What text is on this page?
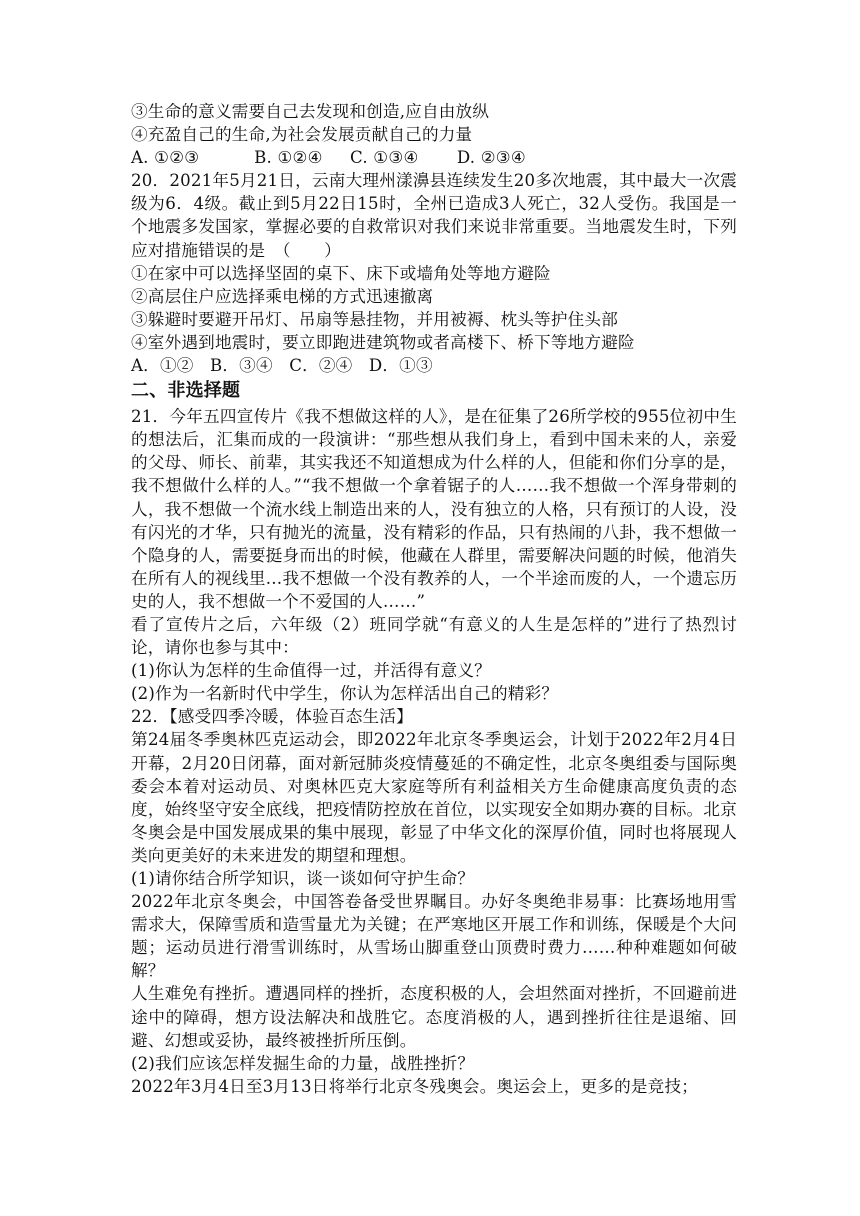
③生命的意义需要自己去发现和创造,应自由放纵

④充盈自己的生命,为社会发展贡献自己的力量

A. ①②③          B. ①②④     C. ①③④       D. ②③④

20．2021年5月21日，云南大理州漾濞县连续发生20多次地震，其中最大一次震级为6．4级。截止到5月22日15时，全州已造成3人死亡，32人受伤。我国是一个地震多发国家，掌握必要的自救常识对我们来说非常重要。当地震发生时，下列应对措施错误的是　（　　）

①在家中可以选择坚固的桌下、床下或墙角处等地方避险

②高层住户应选择乘电梯的方式迅速撤离

③躲避时要避开吊灯、吊扇等悬挂物，并用被褥、枕头等护住头部

④室外遇到地震时，要立即跑进建筑物或者高楼下、桥下等地方避险

A．①②   B．③④   C．②④   D．①③

二、非选择题

21．今年五四宣传片《我不想做这样的人》，是在征集了26所学校的955位初中生的想法后，汇集而成的一段演讲：“那些想从我们身上，看到中国未来的人，亲爱的父母、师长、前辈，其实我还不知道想成为什么样的人，但能和你们分享的是，我不想做什么样的人。”“我不想做一个拿着锯子的人……我不想做一个浑身带刺的人，我不想做一个流水线上制造出来的人，没有独立的人格，只有预订的人设，没有闪光的才华，只有抛光的流量，没有精彩的作品，只有热闹的八卦，我不想做一个隐身的人，需要挺身而出的时候，他藏在人群里，需要解决问题的时候，他消失在所有人的视线里…我不想做一个没有教养的人，一个半途而废的人，一个遗忘历史的人，我不想做一个不爱国的人……”

看了宣传片之后，六年级（2）班同学就“有意义的人生是怎样的”进行了热烈讨论，请你也参与其中：

(1)你认为怎样的生命值得一过，并活得有意义？

(2)作为一名新时代中学生，你认为怎样活出自己的精彩？

22．【感受四季冷暖，体验百态生活】

第24届冬季奥林匹克运动会，即2022年北京冬季奥运会，计划于2022年2月4日开幕，2月20日闭幕，面对新冠肺炎疫情蔓延的不确定性，北京冬奥组委与国际奥委会本着对运动员、对奥林匹克大家庭等所有利益相关方生命健康高度负责的态度，始终坚守安全底线，把疫情防控放在首位，以实现安全如期办赛的目标。北京冬奥会是中国发展成果的集中展现，彰显了中华文化的深厚价值，同时也将展现人类向更美好的未来进发的期望和理想。

(1)请你结合所学知识，谈一谈如何守护生命？

2022年北京冬奥会，中国答卷备受世界瞩目。办好冬奥绝非易事：比赛场地用雪需求大，保障雪质和造雪量尤为关键；在严寒地区开展工作和训练，保暖是个大问题；运动员进行滑雪训练时，从雪场山脚重登山顶费时费力……种种难题如何破解？

人生难免有挫折。遭遇同样的挫折，态度积极的人，会坦然面对挫折，不回避前进途中的障碍，想方设法解决和战胜它。态度消极的人，遇到挫折往往是退缩、回避、幻想或妥协，最终被挫折所压倒。

(2)我们应该怎样发掘生命的力量，战胜挫折？

2022年3月4日至3月13日将举行北京冬残奥会。奥运会上，更多的是竞技；
